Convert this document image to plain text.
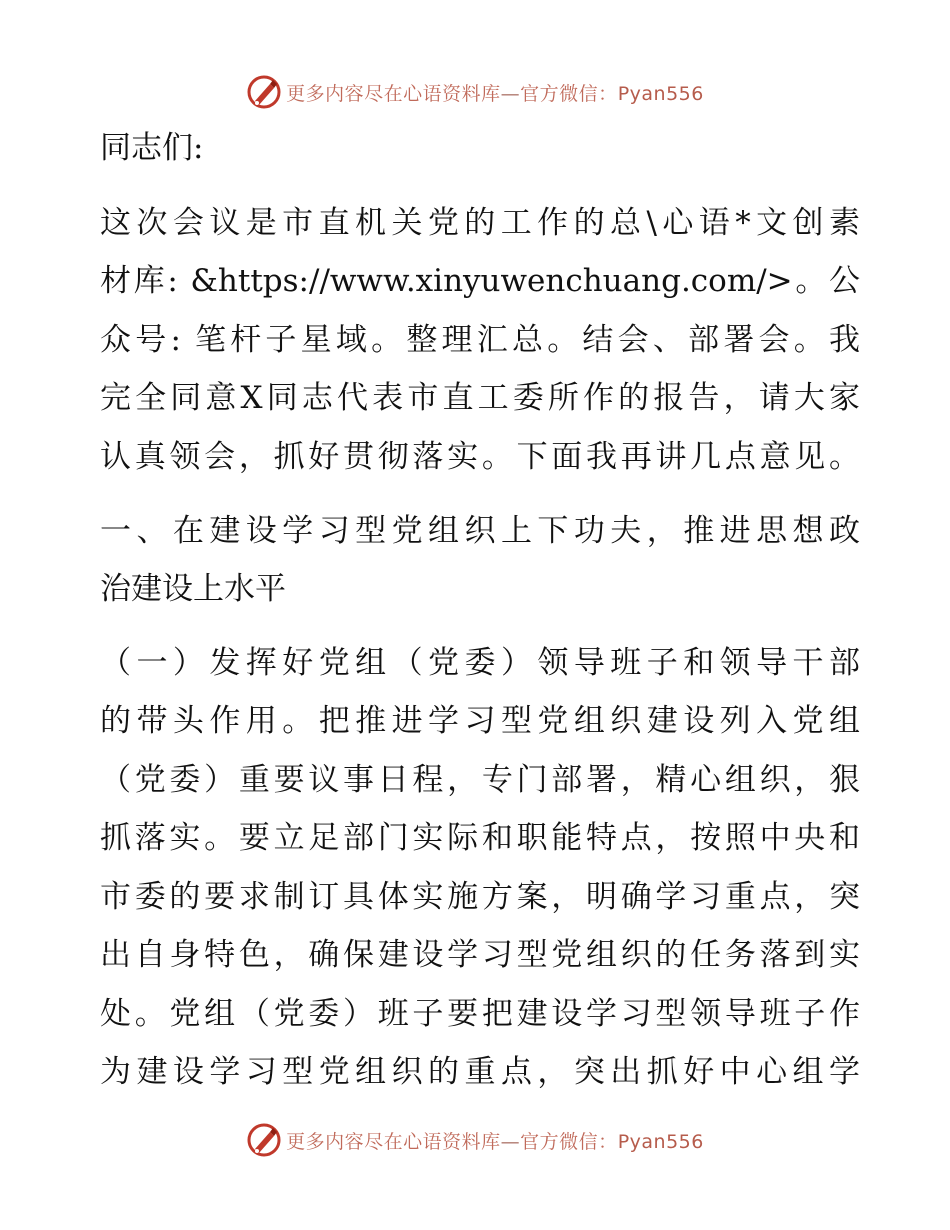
更多内容尽在心语资料库—官方微信：Pyan556
同志们:
这次会议是市直机关党的工作的总\心语*文创素
材库: &https://www.xinyuwenchuang.com/>。公
众号: 笔杆子星域。整理汇总。结会、部署会。我
完全同意X同志代表市直工委所作的报告，请大家
认真领会，抓好贯彻落实。下面我再讲几点意见。
一、在建设学习型党组织上下功夫，推进思想政
治建设上水平
（一）发挥好党组（党委）领导班子和领导干部
的带头作用。把推进学习型党组织建设列入党组
（党委）重要议事日程，专门部署，精心组织，狠
抓落实。要立足部门实际和职能特点，按照中央和
市委的要求制订具体实施方案，明确学习重点，突
出自身特色，确保建设学习型党组织的任务落到实
处。党组（党委）班子要把建设学习型领导班子作
为建设学习型党组织的重点，突出抓好中心组学
更多内容尽在心语资料库—官方微信：Pyan556
